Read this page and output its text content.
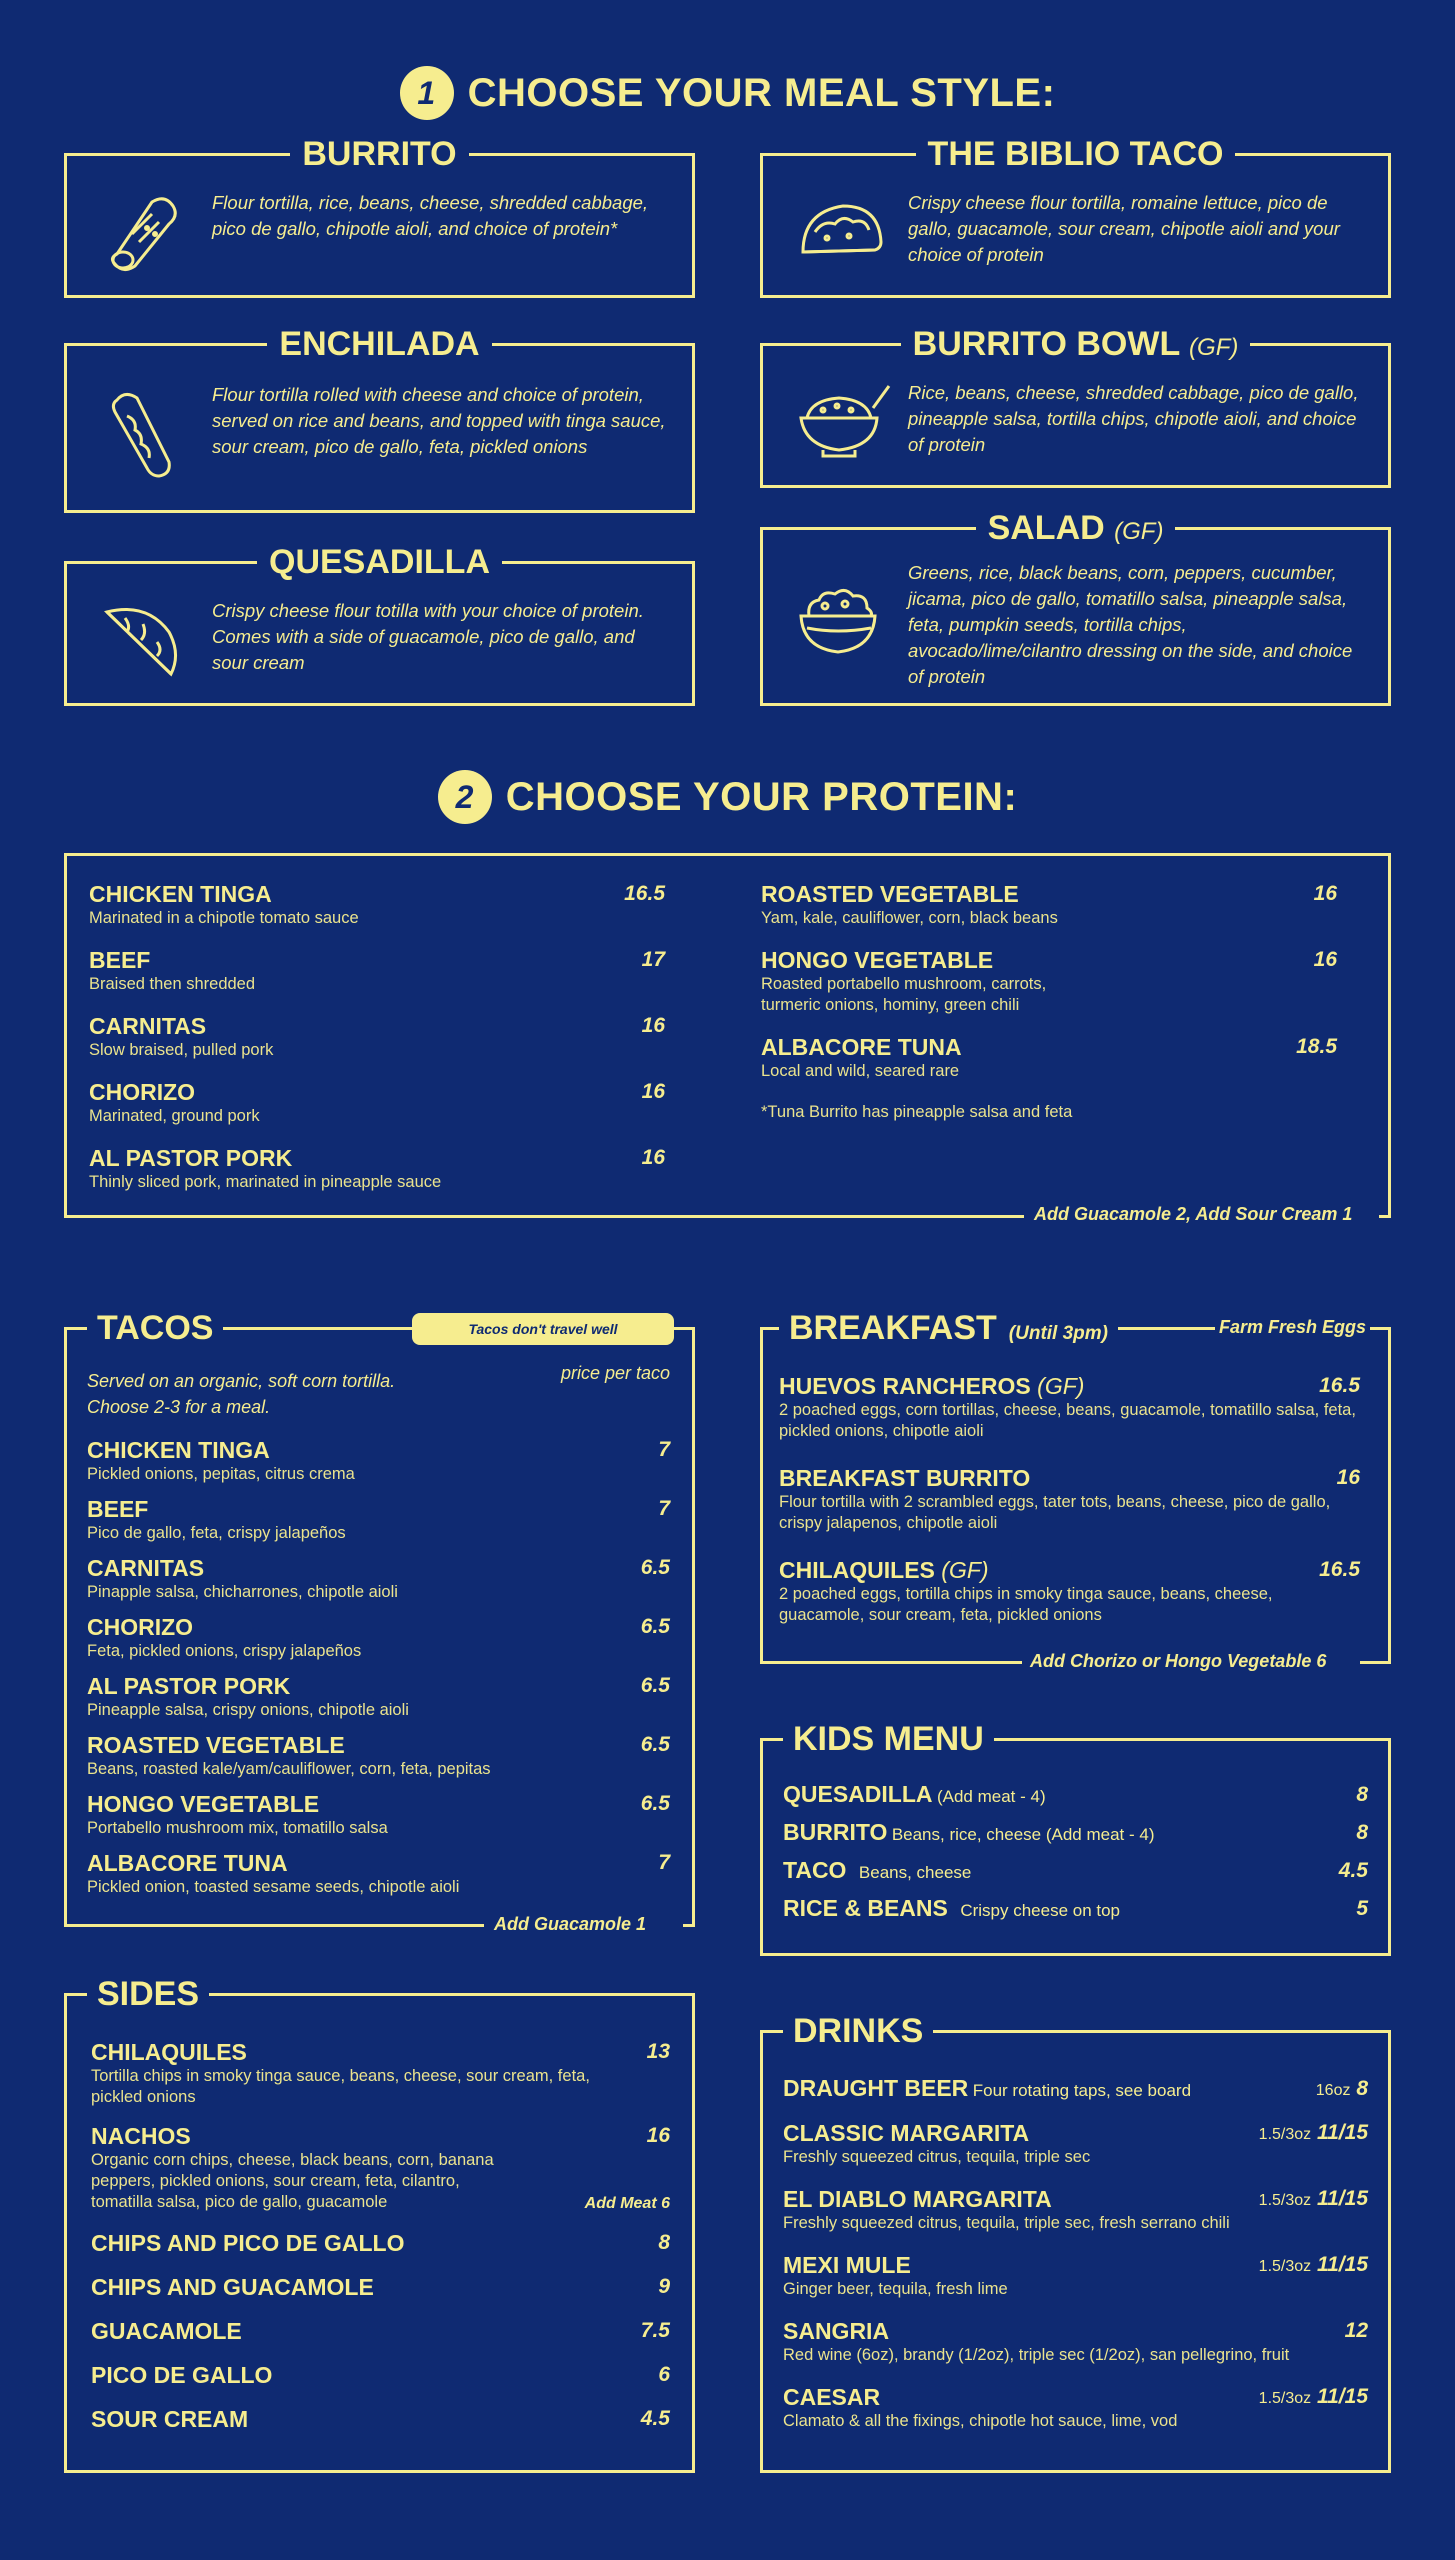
1 CHOOSE YOUR MEAL STYLE:
BURRITO
Flour tortilla, rice, beans, cheese, shredded cabbage, pico de gallo, chipotle aioli, and choice of protein*
THE BIBLIO TACO
Crispy cheese flour tortilla, romaine lettuce, pico de gallo, guacamole, sour cream, chipotle aioli and your choice of protein
ENCHILADA
Flour tortilla rolled with cheese and choice of protein, served on rice and beans, and topped with tinga sauce, sour cream, pico de gallo, feta, pickled onions
BURRITO BOWL (GF)
Rice, beans, cheese, shredded cabbage, pico de gallo, pineapple salsa, tortilla chips, chipotle aioli, and choice of protein
QUESADILLA
Crispy cheese flour totilla with your choice of protein. Comes with a side of guacamole, pico de gallo, and sour cream
SALAD (GF)
Greens, rice, black beans, corn, peppers, cucumber, jicama, pico de gallo, tomatillo salsa, pineapple salsa, feta, pumpkin seeds, tortilla chips, avocado/lime/cilantro dressing on the side, and choice of protein
2 CHOOSE YOUR PROTEIN:
CHICKEN TINGA
Marinated in a chipotle tomato sauce
16.5
BEEF
Braised then shredded
17
CARNITAS
Slow braised, pulled pork
16
CHORIZO
Marinated, ground pork
16
AL PASTOR PORK
Thinly sliced pork, marinated in pineapple sauce
16
ROASTED VEGETABLE
Yam, kale, cauliflower, corn, black beans
16
HONGO VEGETABLE
Roasted portabello mushroom, carrots, turmeric onions, hominy, green chili
16
ALBACORE TUNA
Local and wild, seared rare
18.5
*Tuna Burrito has pineapple salsa and feta
Add Guacamole 2, Add Sour Cream 1
TACOS	Tacos don't travel well
Served on an organic, soft corn tortilla. Choose 2-3 for a meal.
price per taco
CHICKEN TINGA
Pickled onions, pepitas, citrus crema
7
BEEF
Pico de gallo, feta, crispy jalapeños
7
CARNITAS
Pinapple salsa, chicharrones, chipotle aioli
6.5
CHORIZO
Feta, pickled onions, crispy jalapeños
6.5
AL PASTOR PORK
Pineapple salsa, crispy onions, chipotle aioli
6.5
ROASTED VEGETABLE
Beans, roasted kale/yam/cauliflower, corn, feta, pepitas
6.5
HONGO VEGETABLE
Portabello mushroom mix, tomatillo salsa
6.5
ALBACORE TUNA
Pickled onion, toasted sesame seeds, chipotle aioli
7
Add Guacamole 1
BREAKFAST (Until 3pm)	Farm Fresh Eggs
HUEVOS RANCHEROS (GF)
2 poached eggs, corn tortillas, cheese, beans, guacamole, tomatillo salsa, feta, pickled onions, chipotle aioli
16.5
BREAKFAST BURRITO
Flour tortilla with 2 scrambled eggs, tater tots, beans, cheese, pico de gallo, crispy jalapenos, chipotle aioli
16
CHILAQUILES (GF)
2 poached eggs, tortilla chips in smoky tinga sauce, beans, cheese, guacamole, sour cream, feta, pickled onions
16.5
Add Chorizo or Hongo Vegetable 6
KIDS MENU
QUESADILLA (Add meat - 4)	8
BURRITO Beans, rice, cheese (Add meat - 4)	8
TACO Beans, cheese	4.5
RICE & BEANS Crispy cheese on top	5
SIDES
CHILAQUILES
Tortilla chips in smoky tinga sauce, beans, cheese, sour cream, feta, pickled onions
13
NACHOS
Organic corn chips, cheese, black beans, corn, banana peppers, pickled onions, sour cream, feta, cilantro, tomatilla salsa, pico de gallo, guacamole
16
Add Meat 6
CHIPS AND PICO DE GALLO	8
CHIPS AND GUACAMOLE	9
GUACAMOLE	7.5
PICO DE GALLO	6
SOUR CREAM	4.5
DRINKS
DRAUGHT BEER Four rotating taps, see board	16oz 8
CLASSIC MARGARITA
Freshly squeezed citrus, tequila, triple sec
1.5/3oz 11/15
EL DIABLO MARGARITA
Freshly squeezed citrus, tequila, triple sec, fresh serrano chili
1.5/3oz 11/15
MEXI MULE
Ginger beer, tequila, fresh lime
1.5/3oz 11/15
SANGRIA
Red wine (6oz), brandy (1/2oz), triple sec (1/2oz), san pellegrino, fruit
12
CAESAR
Clamato & all the fixings, chipotle hot sauce, lime, vod
1.5/3oz 11/15
